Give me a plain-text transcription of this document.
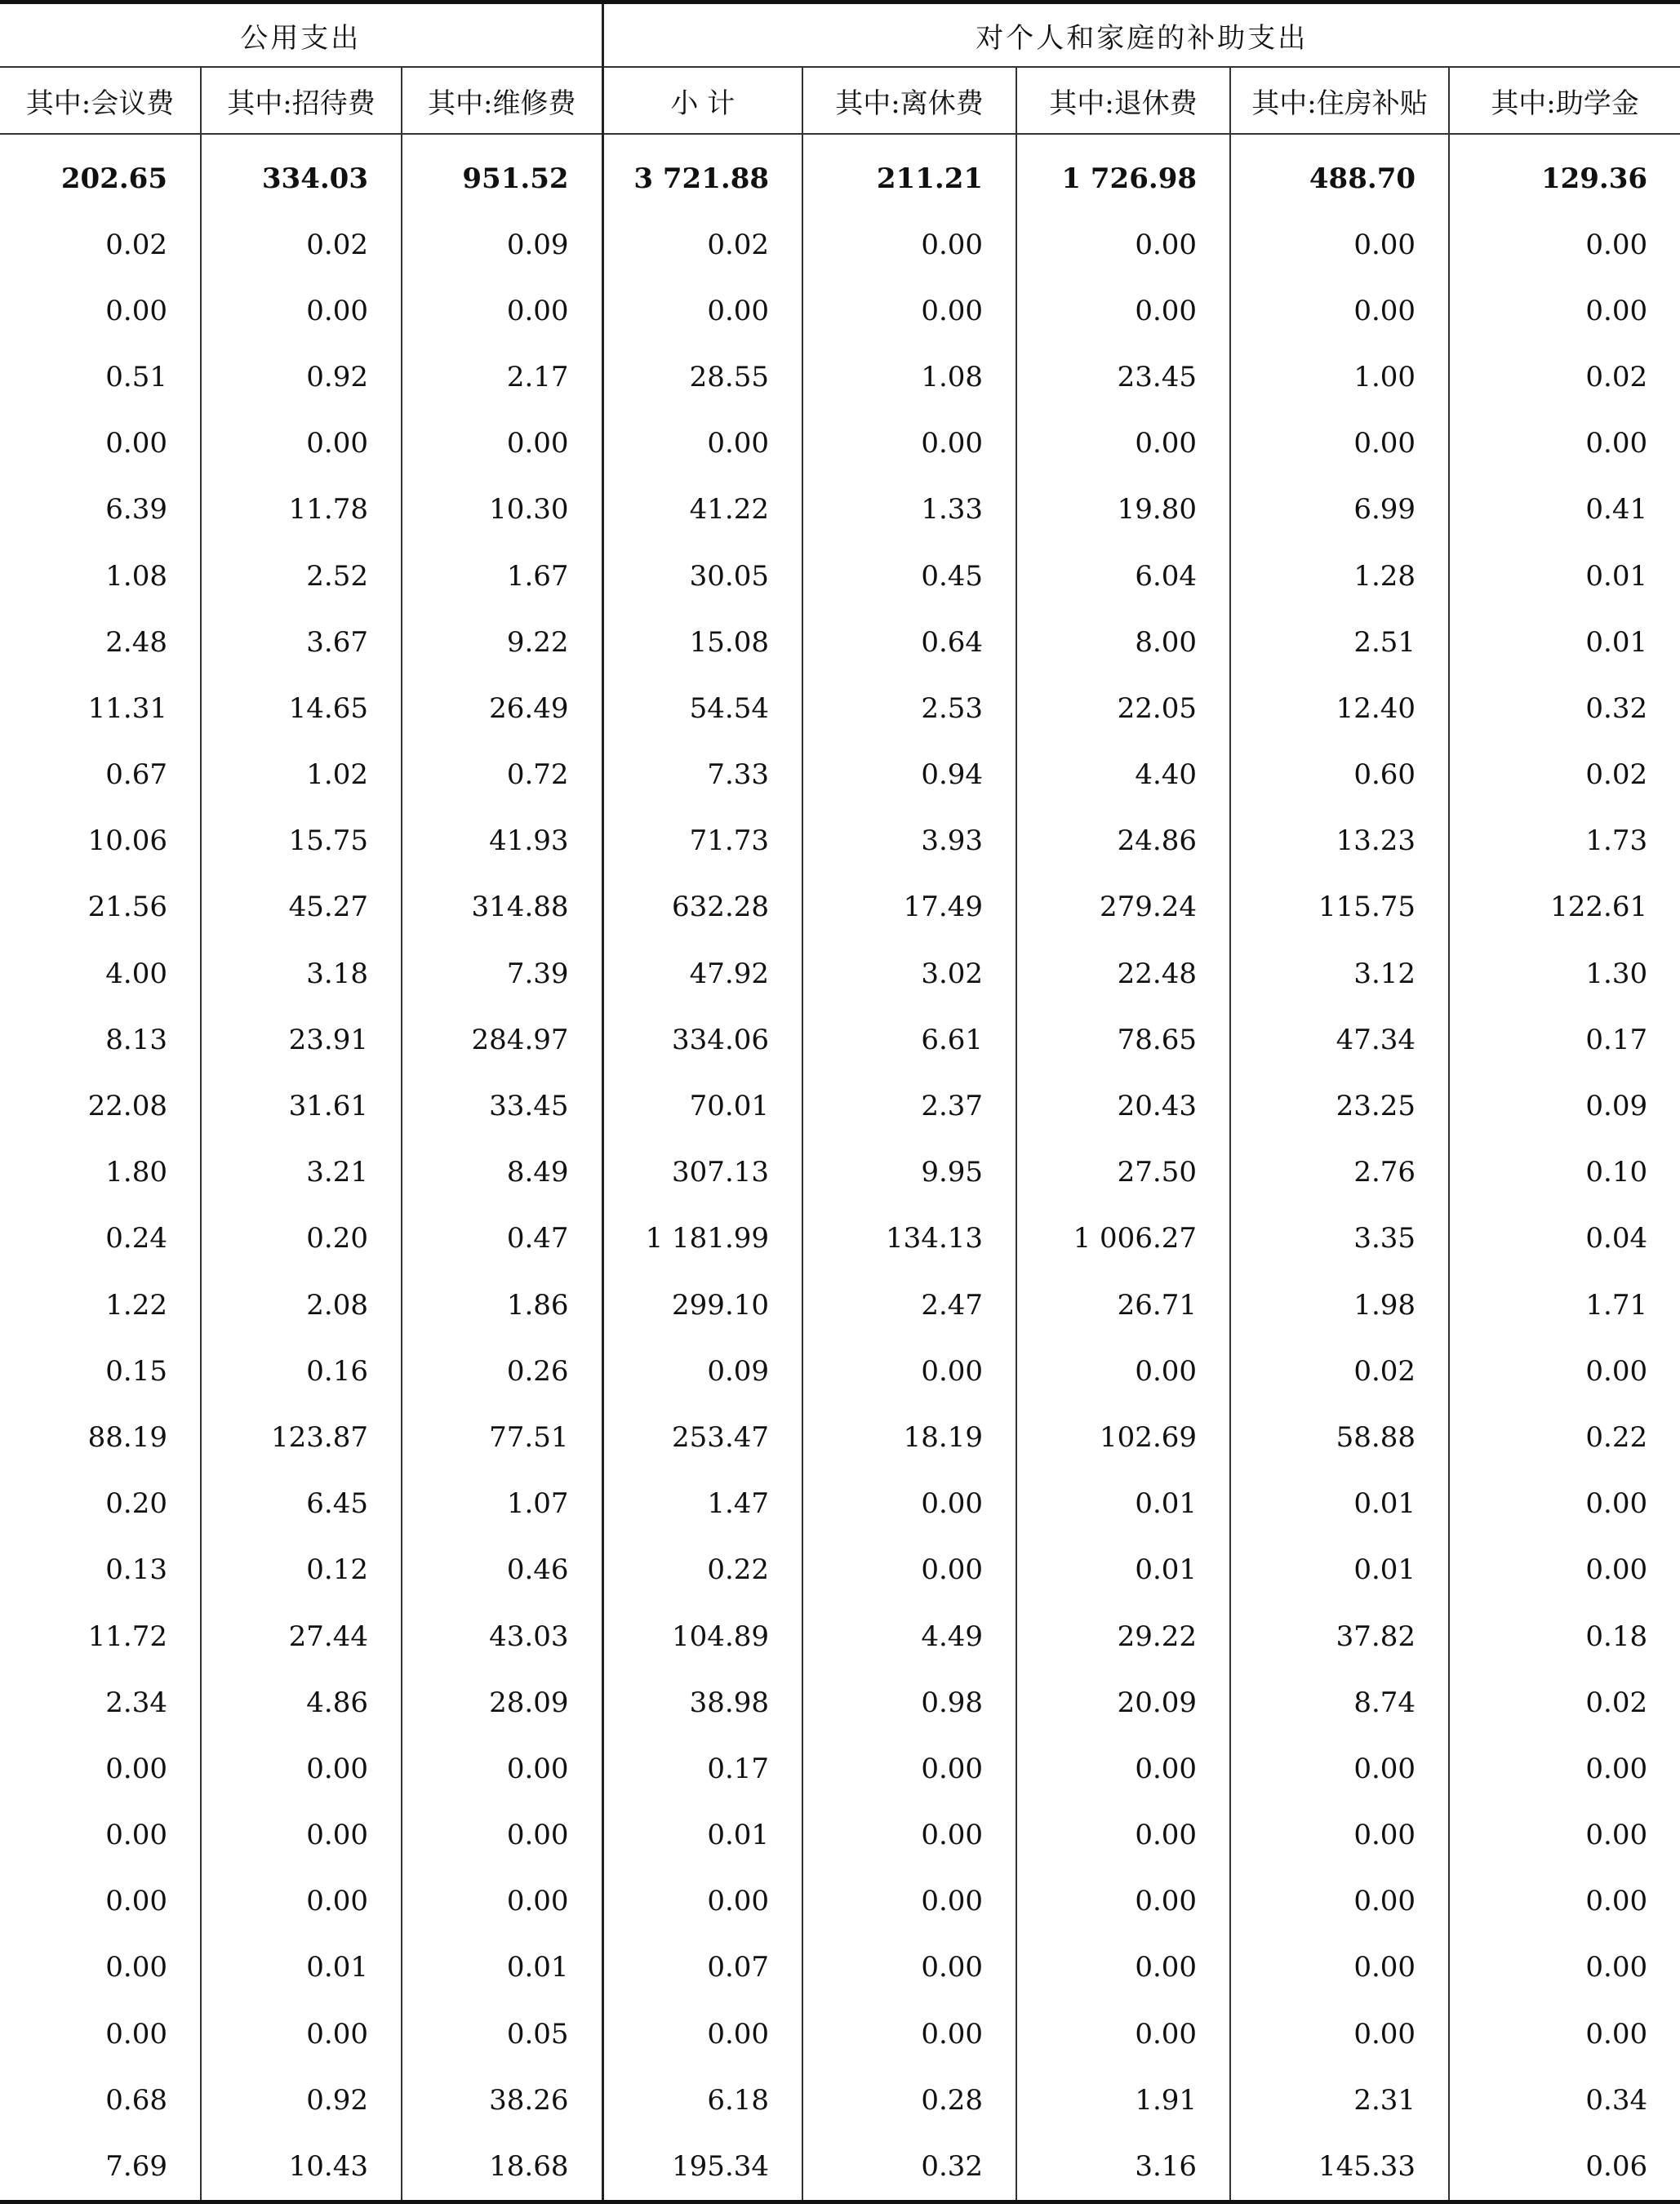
公用支出			对个人和家庭的补助支出				
其中:会议费	其中:招待费	其中:维修费	小 计	其中:离休费	其中:退休费	其中:住房补贴	其中:助学金
202.65	334.03	951.52	3 721.88	211.21	1 726.98	488.70	129.36
0.02	0.02	0.09	0.02	0.00	0.00	0.00	0.00
0.00	0.00	0.00	0.00	0.00	0.00	0.00	0.00
0.51	0.92	2.17	28.55	1.08	23.45	1.00	0.02
0.00	0.00	0.00	0.00	0.00	0.00	0.00	0.00
6.39	11.78	10.30	41.22	1.33	19.80	6.99	0.41
1.08	2.52	1.67	30.05	0.45	6.04	1.28	0.01
2.48	3.67	9.22	15.08	0.64	8.00	2.51	0.01
11.31	14.65	26.49	54.54	2.53	22.05	12.40	0.32
0.67	1.02	0.72	7.33	0.94	4.40	0.60	0.02
10.06	15.75	41.93	71.73	3.93	24.86	13.23	1.73
21.56	45.27	314.88	632.28	17.49	279.24	115.75	122.61
4.00	3.18	7.39	47.92	3.02	22.48	3.12	1.30
8.13	23.91	284.97	334.06	6.61	78.65	47.34	0.17
22.08	31.61	33.45	70.01	2.37	20.43	23.25	0.09
1.80	3.21	8.49	307.13	9.95	27.50	2.76	0.10
0.24	0.20	0.47	1 181.99	134.13	1 006.27	3.35	0.04
1.22	2.08	1.86	299.10	2.47	26.71	1.98	1.71
0.15	0.16	0.26	0.09	0.00	0.00	0.02	0.00
88.19	123.87	77.51	253.47	18.19	102.69	58.88	0.22
0.20	6.45	1.07	1.47	0.00	0.01	0.01	0.00
0.13	0.12	0.46	0.22	0.00	0.01	0.01	0.00
11.72	27.44	43.03	104.89	4.49	29.22	37.82	0.18
2.34	4.86	28.09	38.98	0.98	20.09	8.74	0.02
0.00	0.00	0.00	0.17	0.00	0.00	0.00	0.00
0.00	0.00	0.00	0.01	0.00	0.00	0.00	0.00
0.00	0.00	0.00	0.00	0.00	0.00	0.00	0.00
0.00	0.01	0.01	0.07	0.00	0.00	0.00	0.00
0.00	0.00	0.05	0.00	0.00	0.00	0.00	0.00
0.68	0.92	38.26	6.18	0.28	1.91	2.31	0.34
7.69	10.43	18.68	195.34	0.32	3.16	145.33	0.06
